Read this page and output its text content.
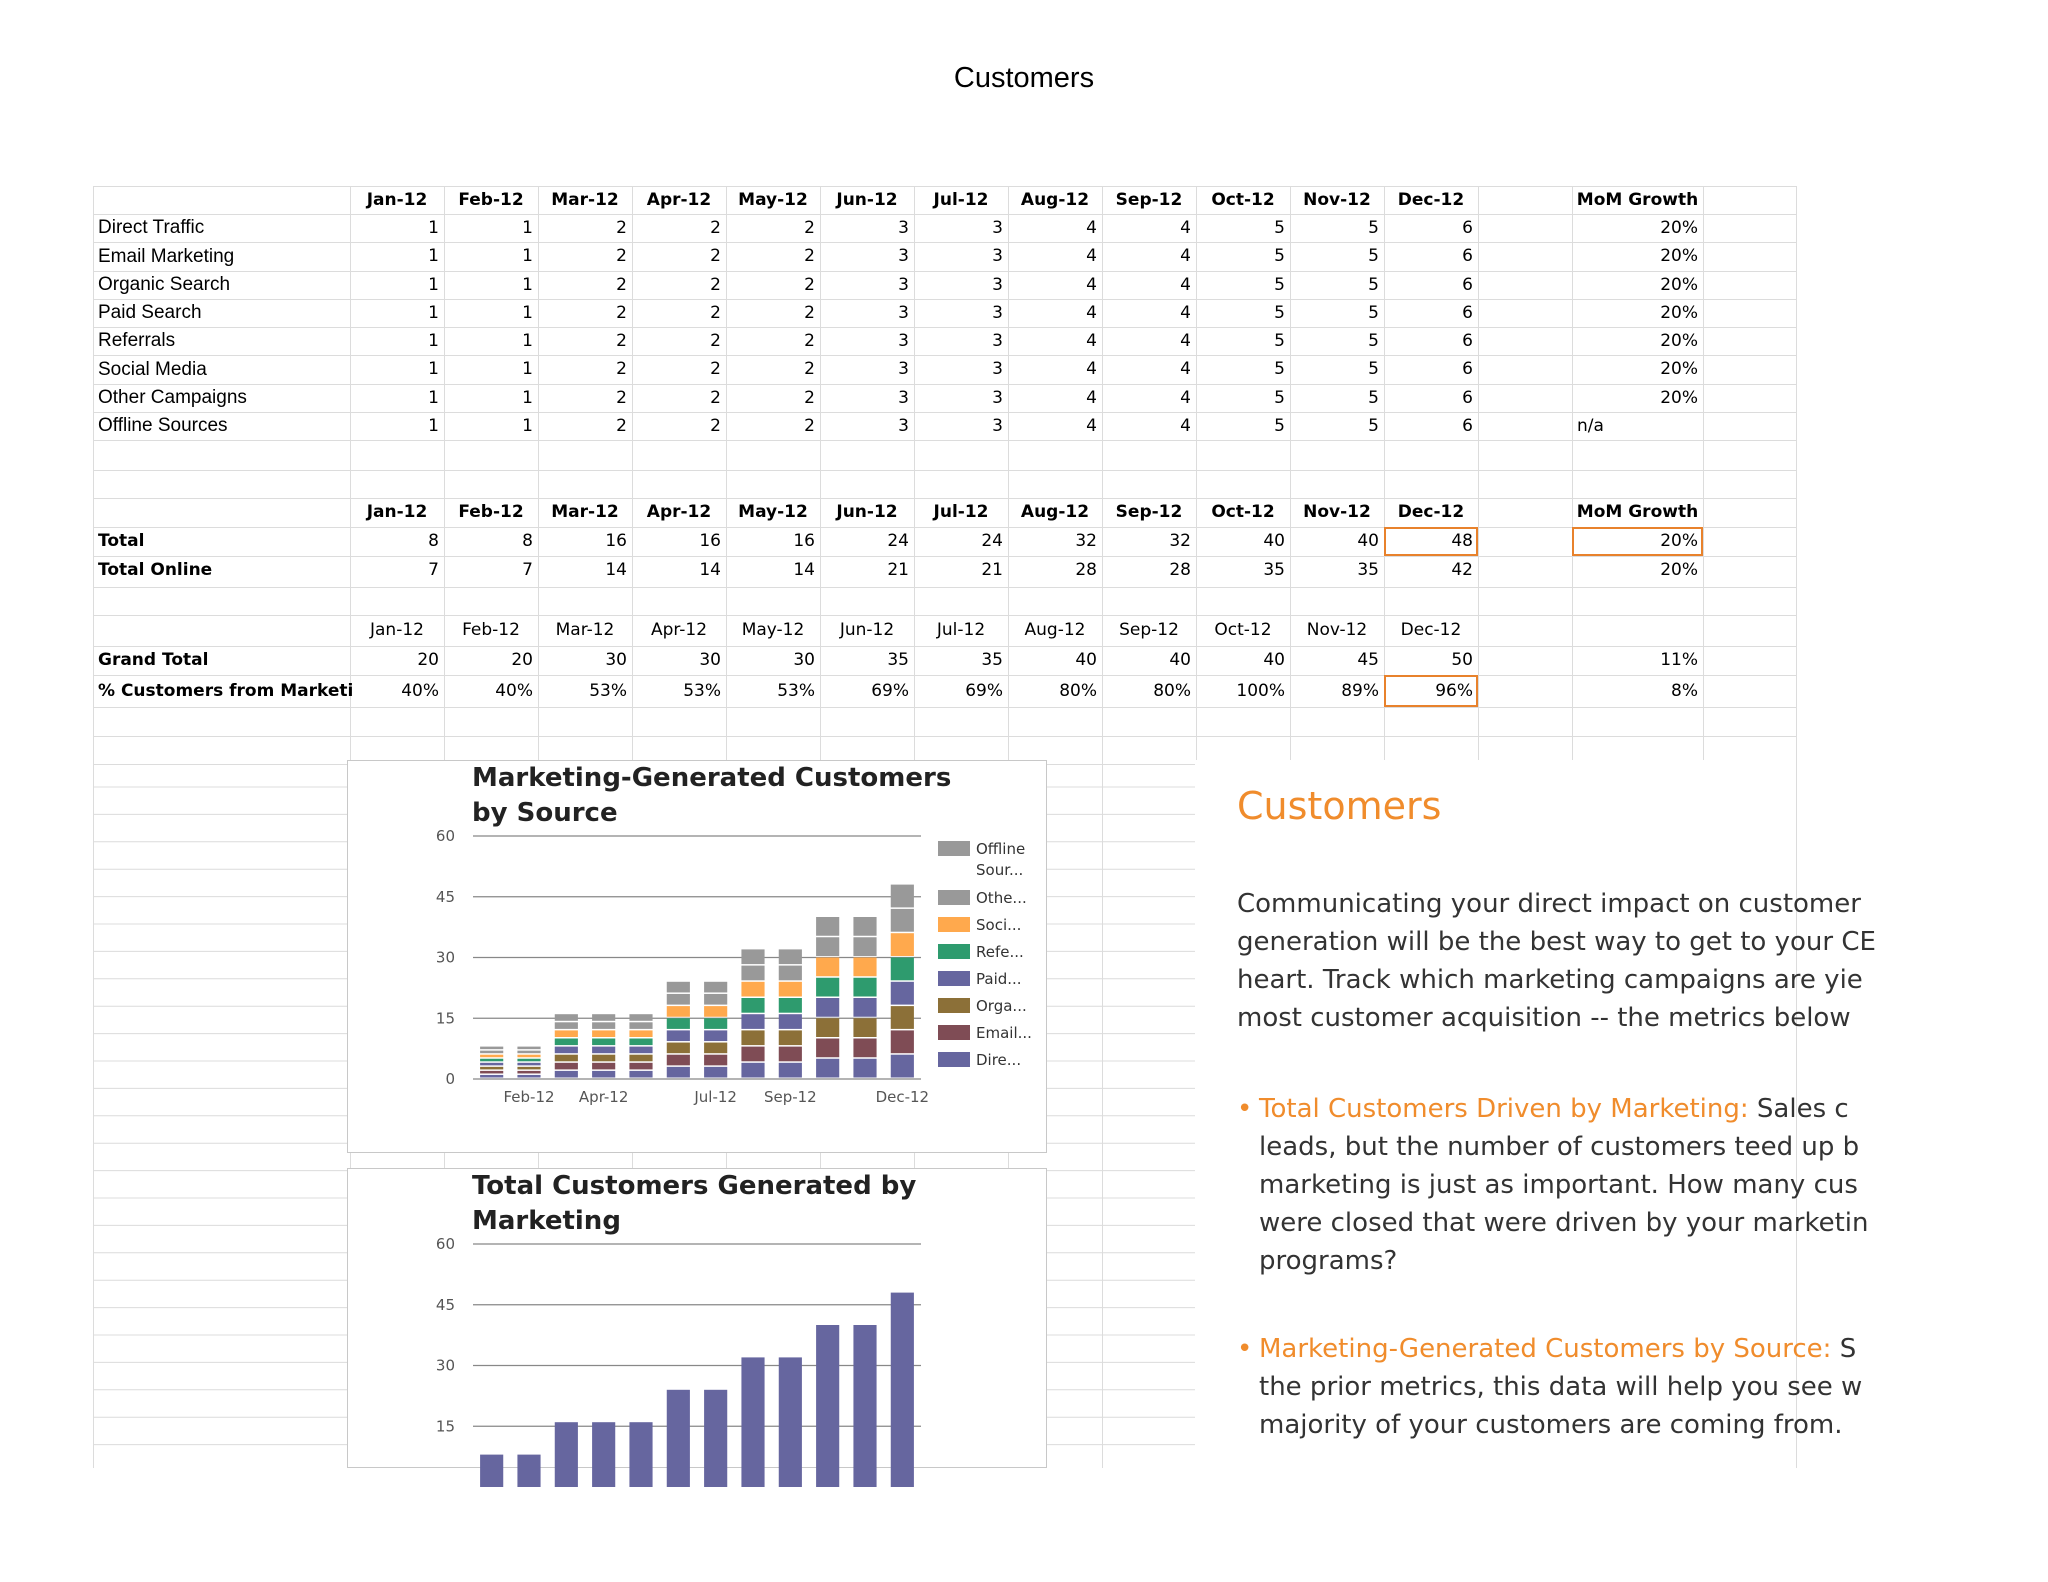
Customers
Jan-12	Feb-12	Mar-12	Apr-12	May-12	Jun-12	Jul-12	Aug-12	Sep-12	Oct-12	Nov-12	Dec-12	MoM Growth
Direct Traffic	1	1	2	2	2	3	3	4	4	5	5	6	20%
Email Marketing	1	1	2	2	2	3	3	4	4	5	5	6	20%
Organic Search	1	1	2	2	2	3	3	4	4	5	5	6	20%
Paid Search	1	1	2	2	2	3	3	4	4	5	5	6	20%
Referrals	1	1	2	2	2	3	3	4	4	5	5	6	20%
Social Media	1	1	2	2	2	3	3	4	4	5	5	6	20%
Other Campaigns	1	1	2	2	2	3	3	4	4	5	5	6	20%
Offline Sources	1	1	2	2	2	3	3	4	4	5	5	6	n/a
Jan-12	Feb-12	Mar-12	Apr-12	May-12	Jun-12	Jul-12	Aug-12	Sep-12	Oct-12	Nov-12	Dec-12	MoM Growth
Total	8	8	16	16	16	24	24	32	32	40	40	48	20%
Total Online	7	7	14	14	14	21	21	28	28	35	35	42	20%
Jan-12	Feb-12	Mar-12	Apr-12	May-12	Jun-12	Jul-12	Aug-12	Sep-12	Oct-12	Nov-12	Dec-12
Grand Total	20	20	30	30	30	35	35	40	40	40	45	50	11%
% Customers from Marketi	40%	40%	53%	53%	53%	69%	69%	80%	80%	100%	89%	96%	8%
Marketing-Generated Customers
by Source
60
45
30
15
0
Feb-12 Apr-12	Jul-12 Sep-12	Dec-12
Offline
Sour...
Othe...
Soci...
Refe...
Paid...
Orga...
Email...
Dire...
Total Customers Generated by
Marketing
60
45
30
15
Customers
Communicating your direct impact on customer
generation will be the best way to get to your CE
heart. Track which marketing campaigns are yie
most customer acquisition -- the metrics below
• Total Customers Driven by Marketing: Sales c
leads, but the number of customers teed up b
marketing is just as important. How many cus
were closed that were driven by your marketin
programs?
• Marketing-Generated Customers by Source: S
the prior metrics, this data will help you see w
majority of your customers are coming from.
